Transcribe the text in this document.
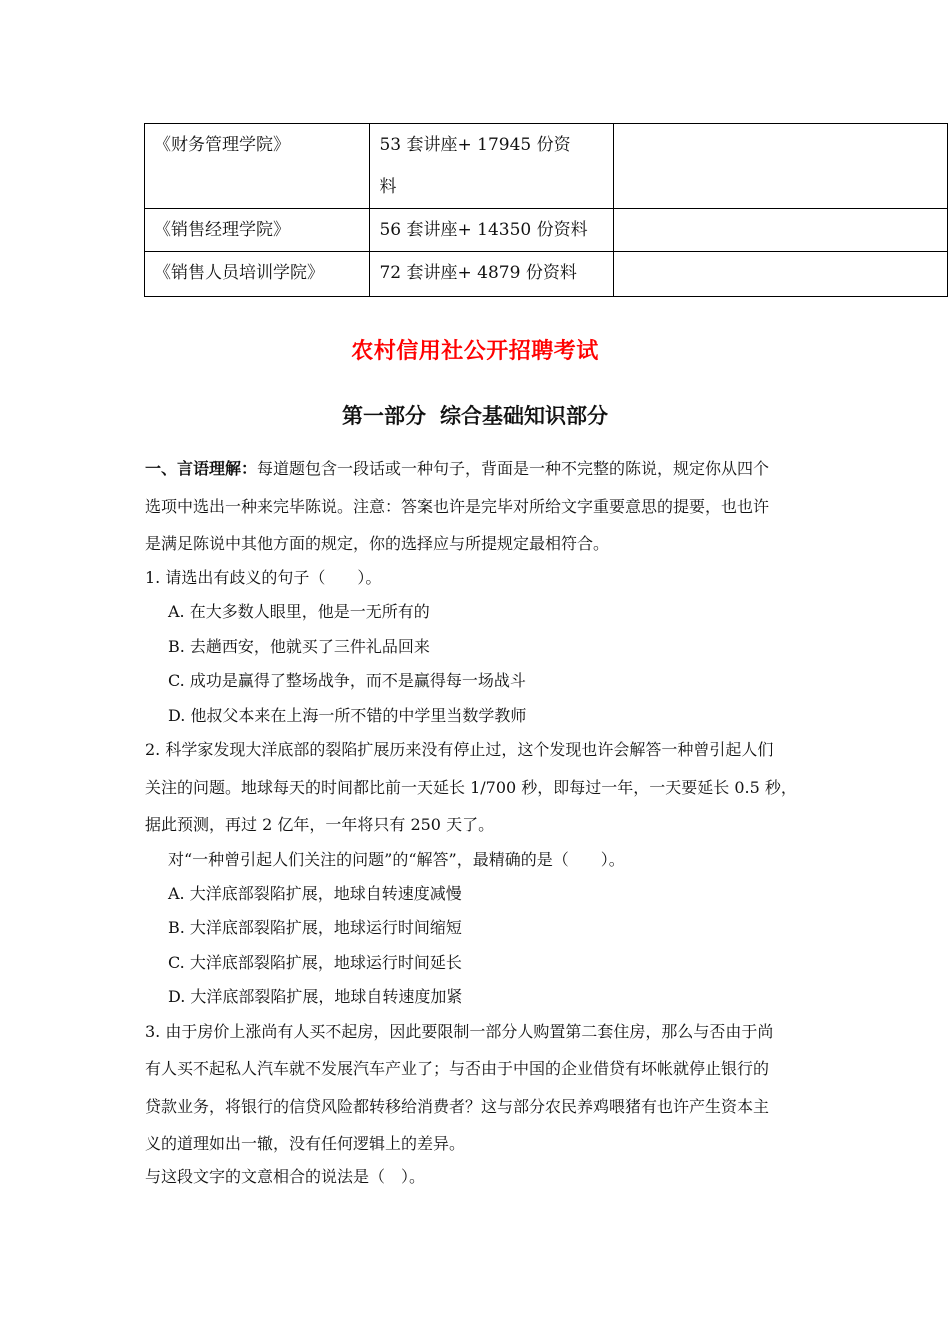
《财务管理学院》	53 套讲座+ 17945 份资
料	

《销售经理学院》	56 套讲座+ 14350 份资料	
《销售人员培训学院》	72 套讲座+ 4879 份资料	
农村信用社公开招聘考试
第一部分 综合基础知识部分
一、言语理解：每道题包含一段话或一种句子，背面是一种不完整的陈说，规定你从四个
选项中选出一种来完毕陈说。注意：答案也许是完毕对所给文字重要意思的提要，也也许
是满足陈说中其他方面的规定，你的选择应与所提规定最相符合。
1. 请选出有歧义的句子（　　）。
A. 在大多数人眼里，他是一无所有的
B. 去趟西安，他就买了三件礼品回来
C. 成功是赢得了整场战争，而不是赢得每一场战斗
D. 他叔父本来在上海一所不错的中学里当数学教师
2. 科学家发现大洋底部的裂陷扩展历来没有停止过，这个发现也许会解答一种曾引起人们
关注的问题。地球每天的时间都比前一天延长 1/700 秒，即每过一年，一天要延长 0.5 秒，
据此预测，再过 2 亿年，一年将只有 250 天了。
对“一种曾引起人们关注的问题”的“解答”，最精确的是（　　）。
A. 大洋底部裂陷扩展，地球自转速度减慢
B. 大洋底部裂陷扩展，地球运行时间缩短
C. 大洋底部裂陷扩展，地球运行时间延长
D. 大洋底部裂陷扩展，地球自转速度加紧
3. 由于房价上涨尚有人买不起房，因此要限制一部分人购置第二套住房，那么与否由于尚
有人买不起私人汽车就不发展汽车产业了；与否由于中国的企业借贷有坏帐就停止银行的
贷款业务，将银行的信贷风险都转移给消费者？这与部分农民养鸡喂猪有也许产生资本主
义的道理如出一辙，没有任何逻辑上的差异。
与这段文字的文意相合的说法是（　）。
